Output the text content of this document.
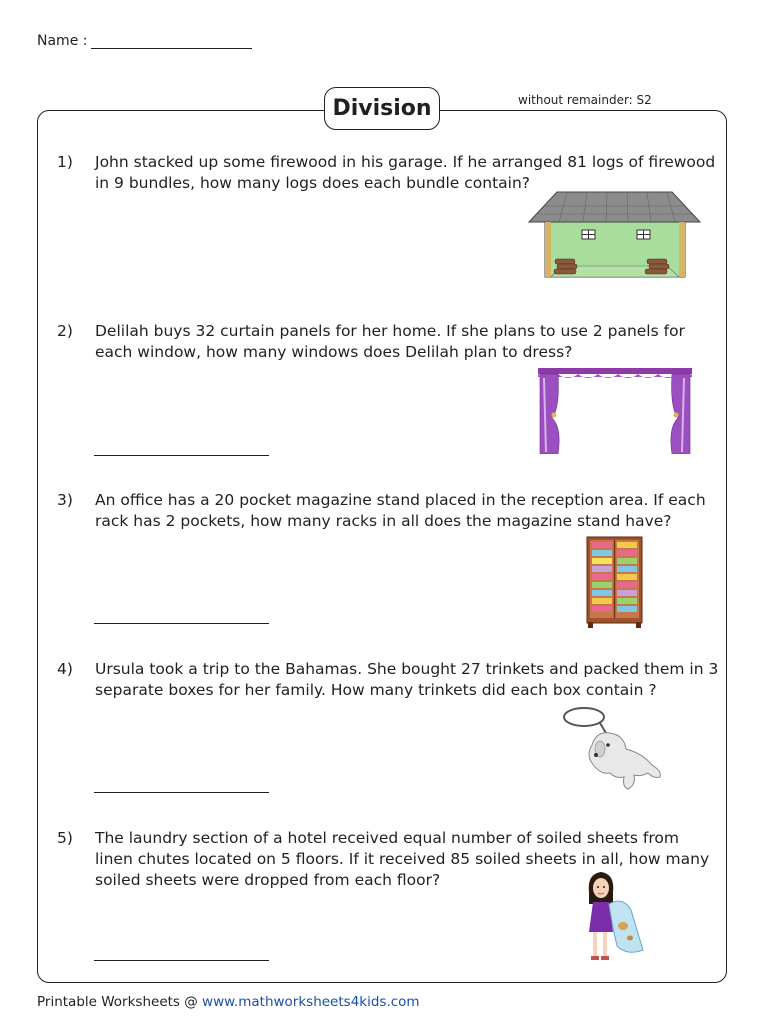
Name :
without remainder: S2
Division
1)	John stacked up some firewood in his garage. If he arranged 81 logs of firewood in 9 bundles, how many logs does each bundle contain?
2)	Delilah buys 32 curtain panels for her home. If she plans to use 2 panels for each window, how many windows does Delilah plan to dress?
3)	An office has a 20 pocket magazine stand placed in the reception area. If each rack has 2 pockets, how many racks in all does the magazine stand have?
4)	Ursula took a trip to the Bahamas. She bought 27 trinkets and packed them in 3 separate boxes for her family. How many trinkets did each box contain ?
5)	The laundry section of a hotel received equal number of soiled sheets from linen chutes located on 5 floors. If it received 85 soiled sheets in all, how many soiled sheets were dropped from each floor?
Printable Worksheets @ www.mathworksheets4kids.com
